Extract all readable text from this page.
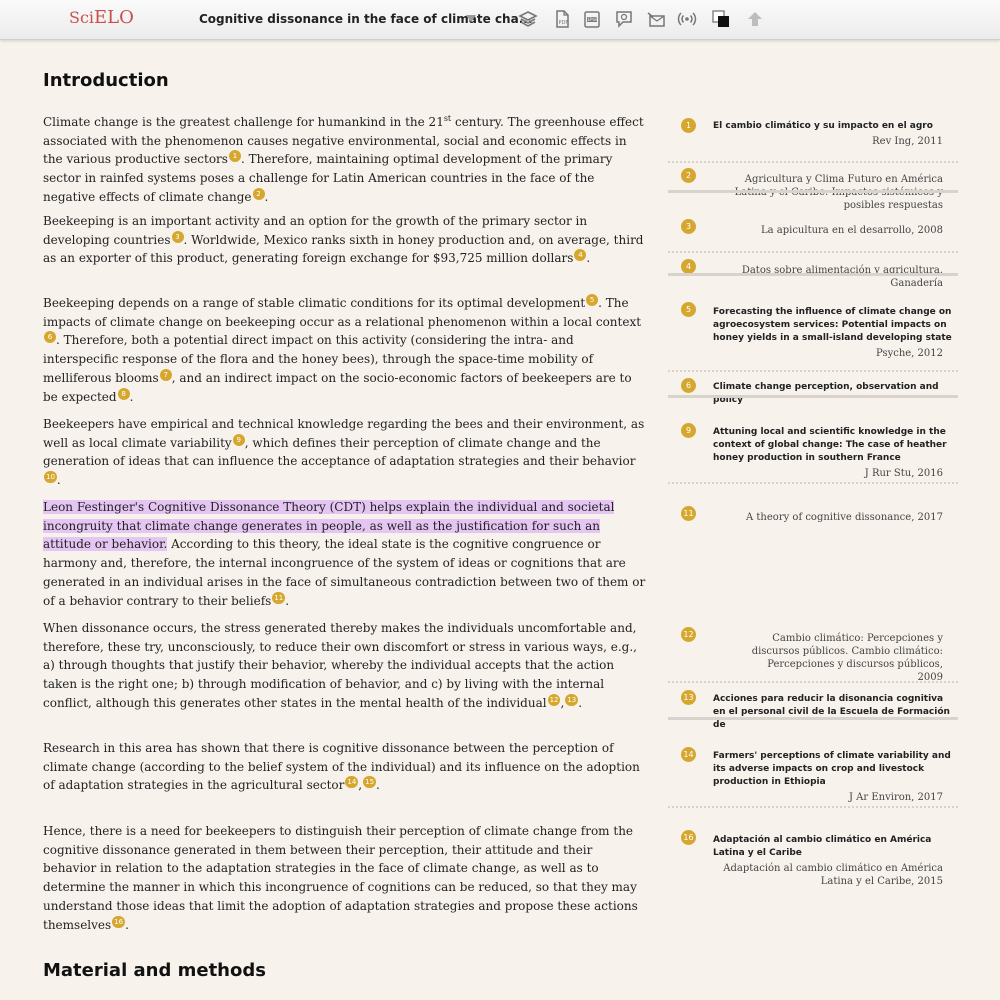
SciELO	Cognitive dissonance in the face of climate cha...	PDF
EPUB
Introduction

Climate change is the greatest challenge for humankind in the 21st century. The greenhouse effect associated with the phenomenon causes negative environmental, social and economic effects in the various productive sectors 1 . Therefore, maintaining optimal development of the primary sector in rainfed systems poses a challenge for Latin American countries in the face of the negative effects of climate change 2 .

Beekeeping is an important activity and an option for the growth of the primary sector in developing countries 3 . Worldwide, Mexico ranks sixth in honey production and, on average, third as an exporter of this product, generating foreign exchange for $93,725 million dollars 4 .

Beekeeping depends on a range of stable climatic conditions for its optimal development 5 . The impacts of climate change on beekeeping occur as a relational phenomenon within a local context6 . Therefore, both a potential direct impact on this activity (considering the intra- and interspecific response of the flora and the honey bees), through the space-time mobility of melliferous blooms 7 , and an indirect impact on the socio-economic factors of beekeepers are to be expected 8 .

Beekeepers have empirical and technical knowledge regarding the bees and their environment, as well as local climate variability 9 , which defines their perception of climate change and the generation of ideas that can influence the acceptance of adaptation strategies and their behavior10 .

Leon Festinger's Cognitive Dissonance Theory (CDT) helps explain the individual and societal incongruity that climate change generates in people, as well as the justification for such an attitude or behavior. According to this theory, the ideal state is the cognitive congruence or harmony and, therefore, the internal incongruence of the system of ideas or cognitions that are generated in an individual arises in the face of simultaneous contradiction between two of them or of a behavior contrary to their beliefs 11 .

When dissonance occurs, the stress generated thereby makes the individuals uncomfortable and, therefore, these try, unconsciously, to reduce their own discomfort or stress in various ways, e.g., a) through thoughts that justify their behavior, whereby the individual accepts that the action taken is the right one; b) through modification of behavior, and c) by living with the internal conflict, although this generates other states in the mental health of the individual 12 , 13 .

Research in this area has shown that there is cognitive dissonance between the perception of climate change (according to the belief system of the individual) and its influence on the adoption of adaptation strategies in the agricultural sector 14 , 15 .

Hence, there is a need for beekeepers to distinguish their perception of climate change from the cognitive dissonance generated in them between their perception, their attitude and their behavior in relation to the adaptation strategies in the face of climate change, as well as to determine the manner in which this incongruence of cognitions can be reduced, so that they may understand those ideas that limit the adoption of adaptation strategies and propose these actions themselves 16 .

Material and methods
1	El cambio climático y su impacto en el agro
Rev Ing, 2011
2	Agricultura y Clima Futuro en América Latina y el Caribe: Impactos sistémicos y posibles respuestas
3	La apicultura en el desarrollo, 2008
4	Datos sobre alimentación y agricultura. Ganadería
5	Forecasting the influence of climate change on agroecosystem services: Potential impacts on honey yields in a small-island developing state
Psyche, 2012
6	Climate change perception, observation and policy
9	Attuning local and scientific knowledge in the context of global change: The case of heather honey production in southern France
J Rur Stu, 2016
11	A theory of cognitive dissonance, 2017
12	Cambio climático: Percepciones y discursos públicos. Cambio climático: Percepciones y discursos públicos, 2009
13 Acciones para reducir la disonancia cognitiva en el personal civil de la Escuela de Formación de
14 Farmers' perceptions of climate variability and its adverse impacts on crop and livestock production in Ethiopia
J Ar Environ, 2017
16 Adaptación al cambio climático en América Latina y el Caribe
Adaptación al cambio climático en América Latina y el Caribe, 2015
